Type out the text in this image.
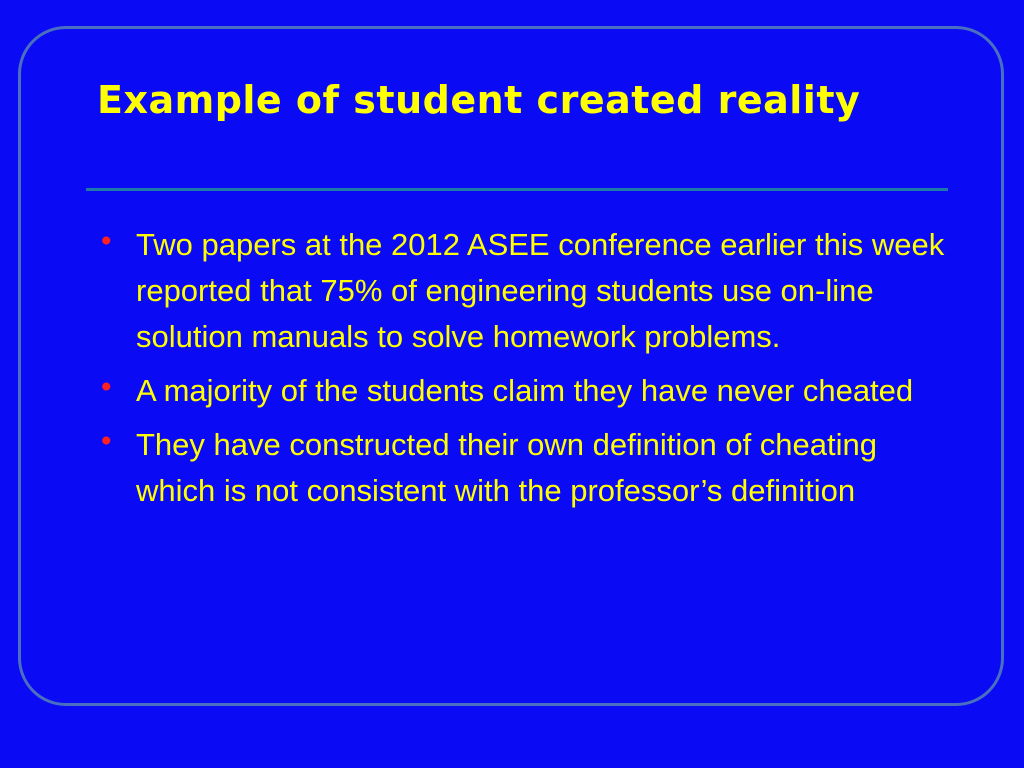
Example of student created reality
• Two papers at the 2012 ASEE conference earlier this week reported that 75% of engineering students use on-line solution manuals to solve homework problems.
• A majority of the students claim they have never cheated
• They have constructed their own definition of cheating which is not consistent with the professor’s definition
